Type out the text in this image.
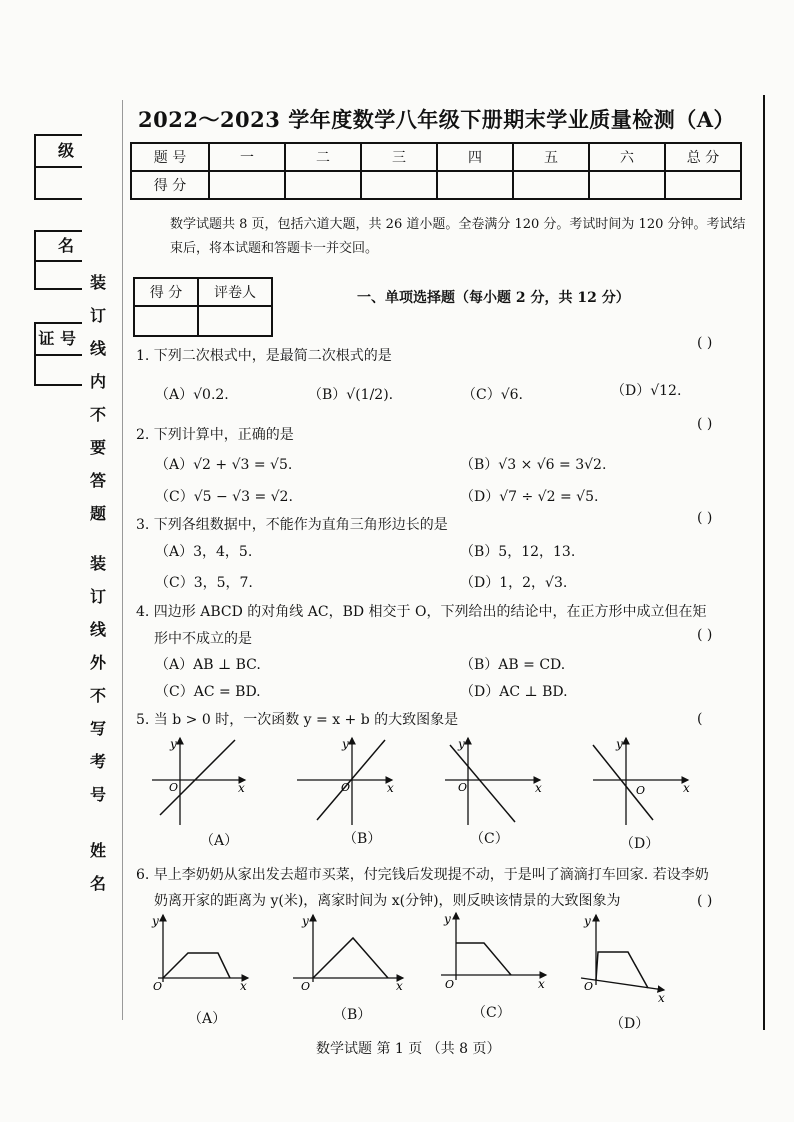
2022～2023 学年度数学八年级下册期末学业质量检测（A）
题 号	一	二	三	四	五	六	总 分
得 分							
级
名
证 号
装
订
线
内
不
要
答
题
装
订
线
外
不
写
考
号
姓
名
数学试题共 8 页，包括六道大题，共 26 道小题。全卷满分 120 分。考试时间为 120 分钟。考试结束后，将本试题和答题卡一并交回。
得 分	评卷人
		一、单项选择题（每小题 2 分，共 12 分）
1. 下列二次根式中，是最简二次根式的是
( )
（A）√0.2.	（B）√(1/2).	（C）√6.	（D）√12.
2. 下列计算中，正确的是
( )
（A）√2 + √3 = √5.	（B）√3 × √6 = 3√2.
（C）√5 − √3 = √2.	（D）√7 ÷ √2 = √5.
3. 下列各组数据中，不能作为直角三角形边长的是	( )
（A）3，4，5.	（B）5，12，13.
（C）3，5，7.	（D）1，2，√3.
4. 四边形 ABCD 的对角线 AC，BD 相交于 O，下列给出的结论中，在正方形中成立但在矩
形中不成立的是	( )
（A）AB ⊥ BC.	（B）AB = CD.
（C）AC = BD.	（D）AC ⊥ BD.
5. 当 b > 0 时，一次函数 y = x + b 的大致图象是	(
y
x
O
y
x
O
y
x
O
y
x
O
（A）	（B）	（C）	（D）
6. 早上李奶奶从家出发去超市买菜，付完钱后发现提不动，于是叫了滴滴打车回家. 若设李奶
奶离开家的距离为 y(米)，离家时间为 x(分钟)，则反映该情景的大致图象为	( )
y
x
O
y
x
O
y
x
O
y
x
O
（A）	（B）	（C）
（D）
数学试题 第 1 页 （共 8 页）
